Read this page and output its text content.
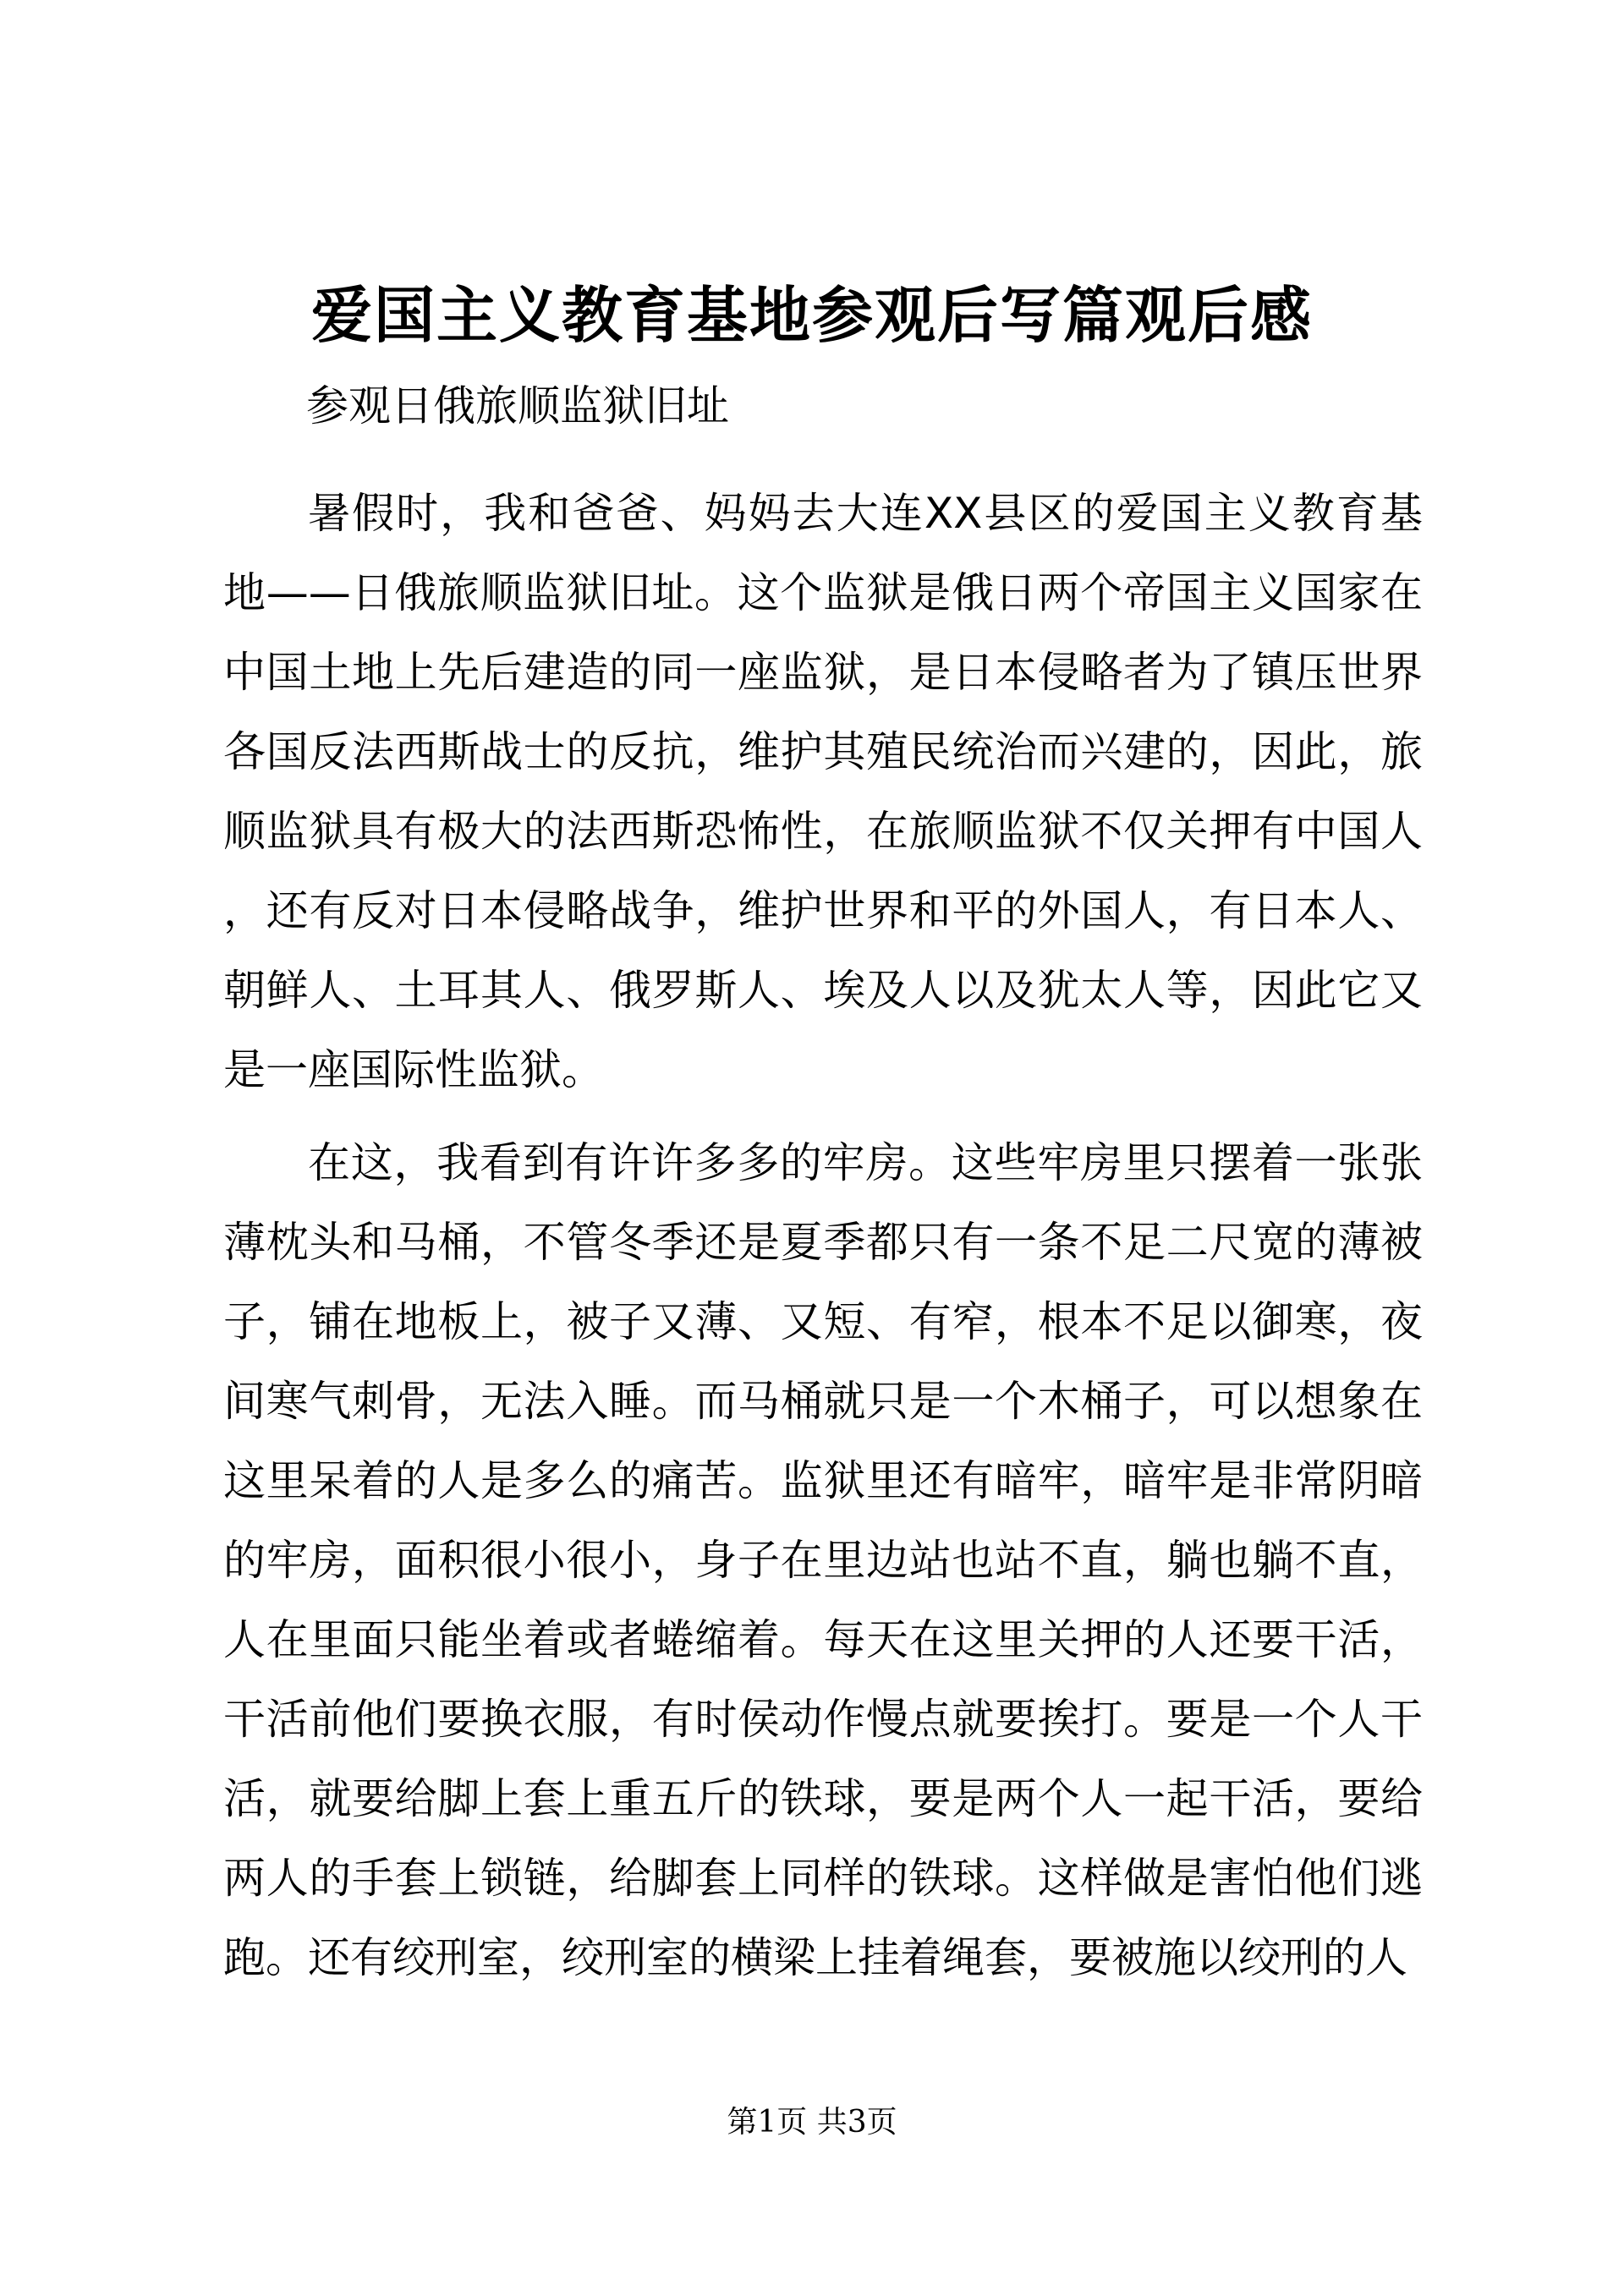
爱国主义教育基地参观后写篇观后感

参观日俄旅顺监狱旧址

暑假时，我和爸爸、妈妈去大连XX县区的爱国主义教育基地——日俄旅顺监狱旧址。这个监狱是俄日两个帝国主义国家在中国土地上先后建造的同一座监狱，是日本侵略者为了镇压世界各国反法西斯战士的反抗，维护其殖民统治而兴建的，因此，旅顺监狱具有极大的法西斯恐怖性，在旅顺监狱不仅关押有中国人，还有反对日本侵略战争，维护世界和平的外国人，有日本人、朝鲜人、土耳其人、俄罗斯人、埃及人以及犹太人等，因此它又是一座国际性监狱。

在这，我看到有许许多多的牢房。这些牢房里只摆着一张张薄枕头和马桶，不管冬季还是夏季都只有一条不足二尺宽的薄被子，铺在地板上，被子又薄、又短、有窄，根本不足以御寒，夜间寒气刺骨，无法入睡。而马桶就只是一个木桶子，可以想象在这里呆着的人是多么的痛苦。监狱里还有暗牢，暗牢是非常阴暗的牢房，面积很小很小，身子在里边站也站不直，躺也躺不直，人在里面只能坐着或者蜷缩着。每天在这里关押的人还要干活，干活前他们要换衣服，有时侯动作慢点就要挨打。要是一个人干活，就要给脚上套上重五斤的铁球，要是两个人一起干活，要给两人的手套上锁链，给脚套上同样的铁球。这样做是害怕他们逃跑。还有绞刑室，绞刑室的横梁上挂着绳套，要被施以绞刑的人

第1页 共3页
